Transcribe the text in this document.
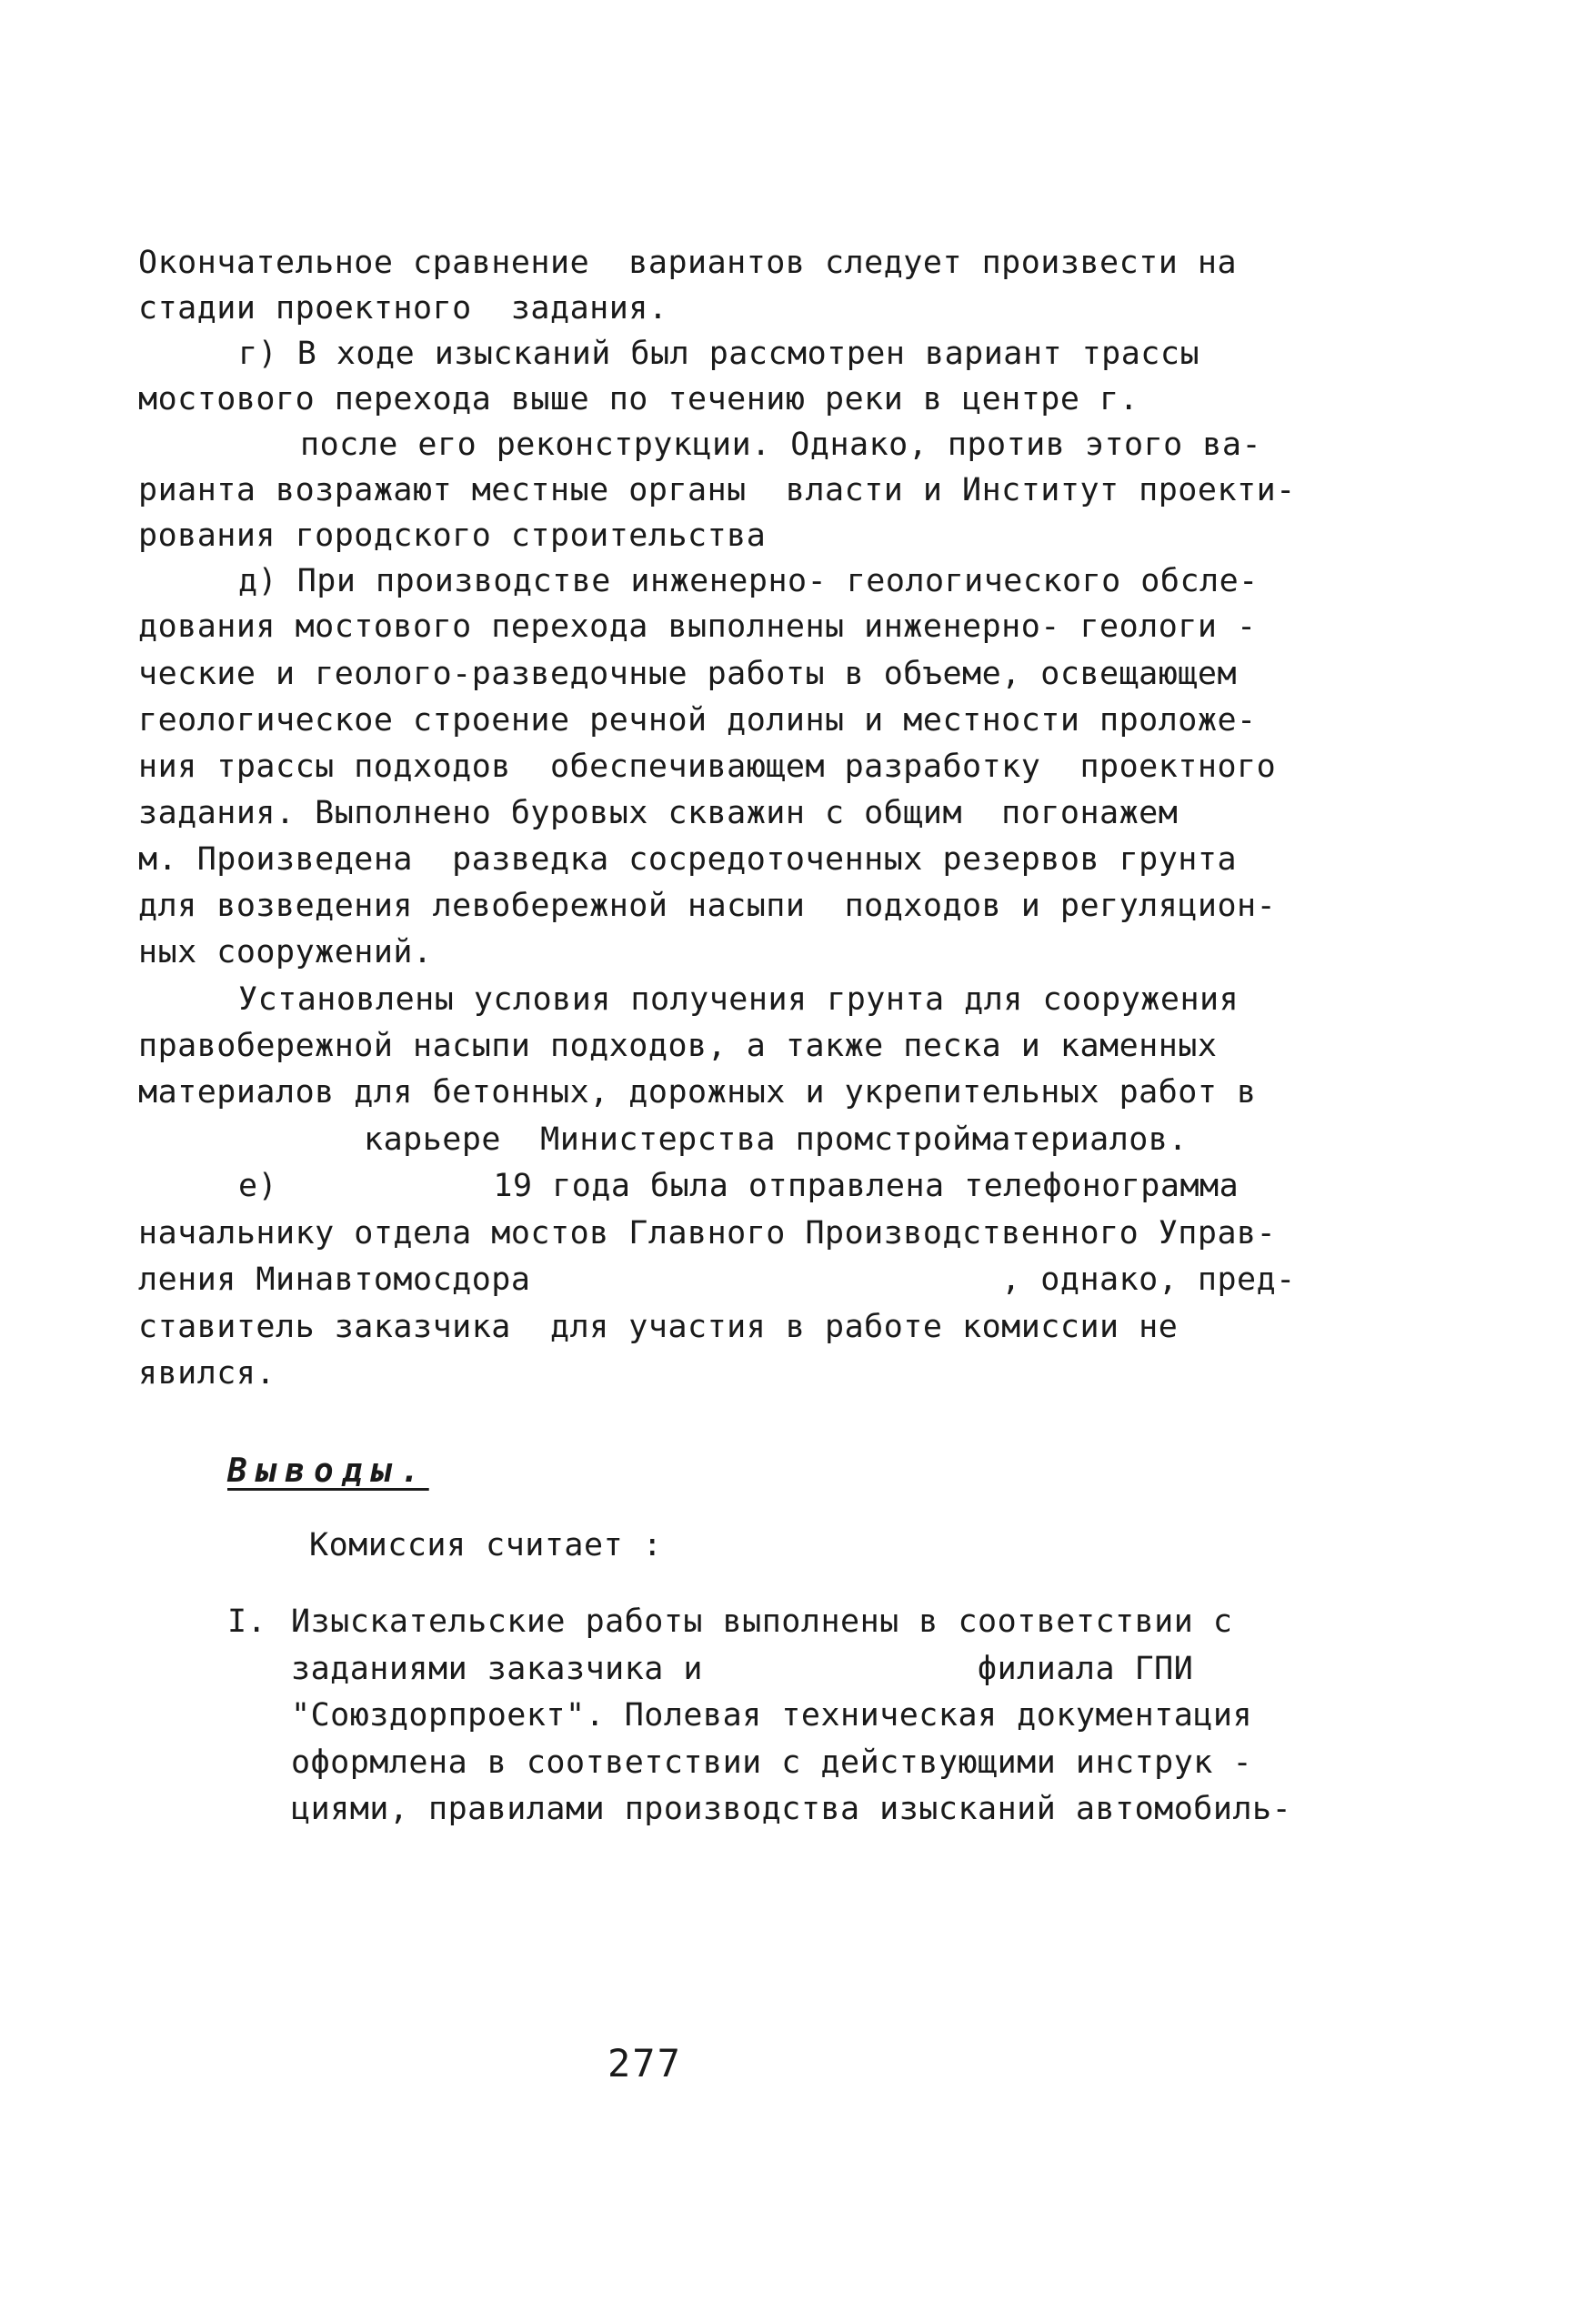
Окончательное сравнение  вариантов следует произвести на
стадии проектного  задания.
г) В ходе изысканий был рассмотрен вариант трассы
мостового перехода выше по течению реки в центре г.
после его реконструкции. Однако, против этого ва-
рианта возражают местные органы  власти и Институт проекти-
рования городского строительства
д) При производстве инженерно- геологического обсле-
дования мостового перехода выполнены инженерно- геологи -
ческие и геолого-разведочные работы в объеме, освещающем
геологическое строение речной долины и местности проложе-
ния трассы подходов  обеспечивающем разработку  проектного
задания. Выполнено буровых скважин с общим  погонажем
м. Произведена  разведка сосредоточенных резервов грунта
для возведения левобережной насыпи  подходов и регуляцион-
ных сооружений.
Установлены условия получения грунта для сооружения
правобережной насыпи подходов, а также песка и каменных
материалов для бетонных, дорожных и укрепительных работ в
карьере  Министерства промстройматериалов.
е)           19 года была отправлена телефонограмма
начальнику отдела мостов Главного Производственного Управ-
ления Минавтомосдора                        , однако, пред-
ставитель заказчика  для участия в работе комиссии не
явился.
Выводы.
Комиссия считает :
I. Изыскательские работы выполнены в соответствии с
заданиями заказчика и              филиала ГПИ
"Союздорпроект". Полевая техническая документация
оформлена в соответствии с действующими инструк -
циями, правилами производства изысканий автомобиль-
277
